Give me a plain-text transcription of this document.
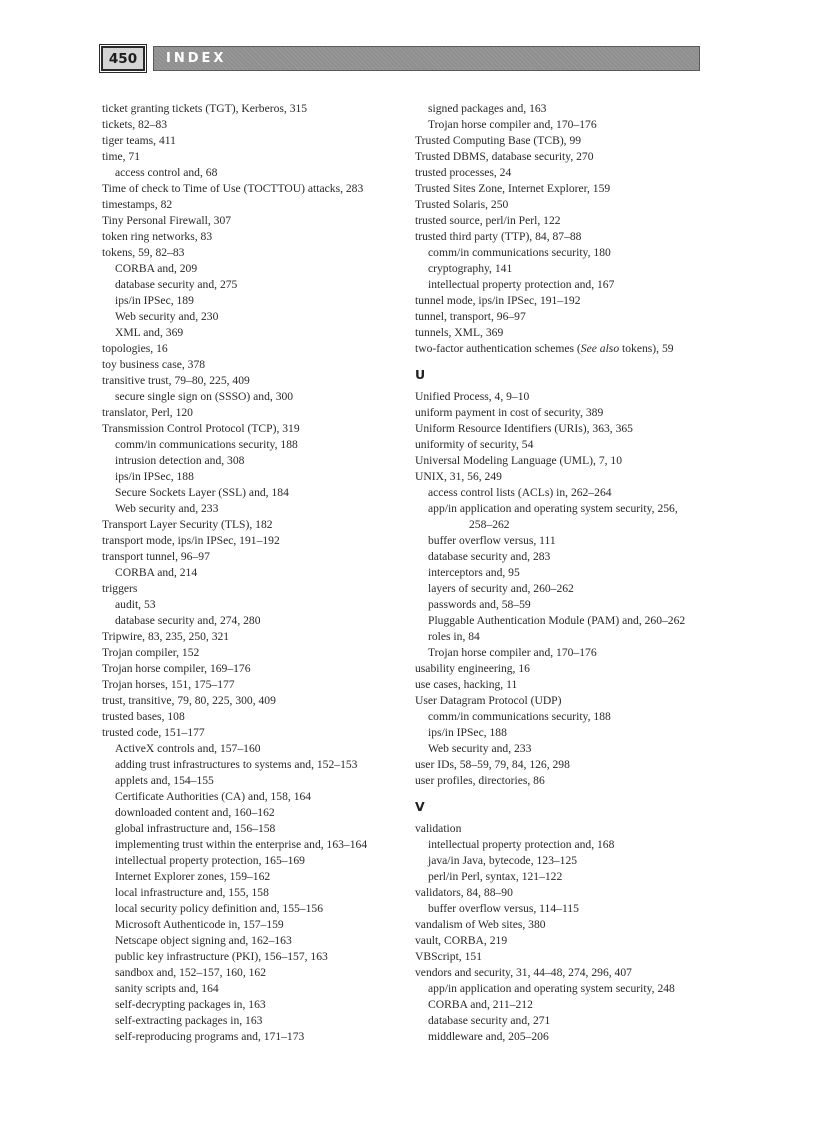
450	INDEX
ticket granting tickets (TGT), Kerberos, 315
tickets, 82–83
tiger teams, 411
time, 71
access control and, 68
Time of check to Time of Use (TOCTTOU) attacks, 283
timestamps, 82
Tiny Personal Firewall, 307
token ring networks, 83
tokens, 59, 82–83
CORBA and, 209
database security and, 275
ips/in IPSec, 189
Web security and, 230
XML and, 369
topologies, 16
toy business case, 378
transitive trust, 79–80, 225, 409
secure single sign on (SSSO) and, 300
translator, Perl, 120
Transmission Control Protocol (TCP), 319
comm/in communications security, 188
intrusion detection and, 308
ips/in IPSec, 188
Secure Sockets Layer (SSL) and, 184
Web security and, 233
Transport Layer Security (TLS), 182
transport mode, ips/in IPSec, 191–192
transport tunnel, 96–97
CORBA and, 214
triggers
audit, 53
database security and, 274, 280
Tripwire, 83, 235, 250, 321
Trojan compiler, 152
Trojan horse compiler, 169–176
Trojan horses, 151, 175–177
trust, transitive, 79, 80, 225, 300, 409
trusted bases, 108
trusted code, 151–177
ActiveX controls and, 157–160
adding trust infrastructures to systems and, 152–153
applets and, 154–155
Certificate Authorities (CA) and, 158, 164
downloaded content and, 160–162
global infrastructure and, 156–158
implementing trust within the enterprise and, 163–164
intellectual property protection, 165–169
Internet Explorer zones, 159–162
local infrastructure and, 155, 158
local security policy definition and, 155–156
Microsoft Authenticode in, 157–159
Netscape object signing and, 162–163
public key infrastructure (PKI), 156–157, 163
sandbox and, 152–157, 160, 162
sanity scripts and, 164
self-decrypting packages in, 163
self-extracting packages in, 163
self-reproducing programs and, 171–173
signed packages and, 163
Trojan horse compiler and, 170–176
Trusted Computing Base (TCB), 99
Trusted DBMS, database security, 270
trusted processes, 24
Trusted Sites Zone, Internet Explorer, 159
Trusted Solaris, 250
trusted source, perl/in Perl, 122
trusted third party (TTP), 84, 87–88
comm/in communications security, 180
cryptography, 141
intellectual property protection and, 167
tunnel mode, ips/in IPSec, 191–192
tunnel, transport, 96–97
tunnels, XML, 369
two-factor authentication schemes (See also tokens), 59
U
Unified Process, 4, 9–10
uniform payment in cost of security, 389
Uniform Resource Identifiers (URIs), 363, 365
uniformity of security, 54
Universal Modeling Language (UML), 7, 10
UNIX, 31, 56, 249
access control lists (ACLs) in, 262–264
app/in application and operating system security, 256,
258–262
buffer overflow versus, 111
database security and, 283
interceptors and, 95
layers of security and, 260–262
passwords and, 58–59
Pluggable Authentication Module (PAM) and, 260–262
roles in, 84
Trojan horse compiler and, 170–176
usability engineering, 16
use cases, hacking, 11
User Datagram Protocol (UDP)
comm/in communications security, 188
ips/in IPSec, 188
Web security and, 233
user IDs, 58–59, 79, 84, 126, 298
user profiles, directories, 86
V
validation
intellectual property protection and, 168
java/in Java, bytecode, 123–125
perl/in Perl, syntax, 121–122
validators, 84, 88–90
buffer overflow versus, 114–115
vandalism of Web sites, 380
vault, CORBA, 219
VBScript, 151
vendors and security, 31, 44–48, 274, 296, 407
app/in application and operating system security, 248
CORBA and, 211–212
database security and, 271
middleware and, 205–206
